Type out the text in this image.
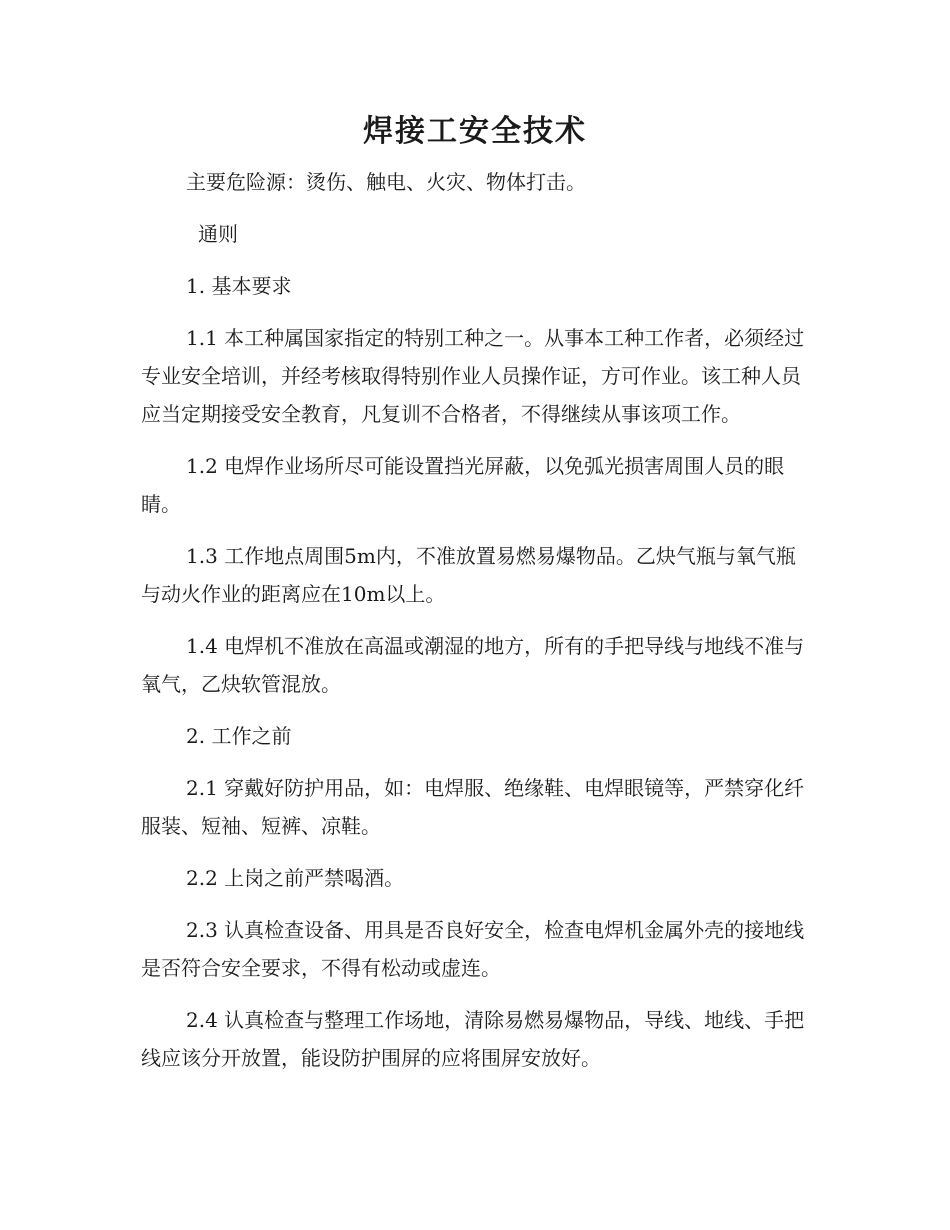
焊接工安全技术

主要危险源：烫伤、触电、火灾、物体打击。

通则

1. 基本要求

1.1 本工种属国家指定的特别工种之一。从事本工种工作者，必须经过专业安全培训，并经考核取得特别作业人员操作证，方可作业。该工种人员应当定期接受安全教育，凡复训不合格者，不得继续从事该项工作。

1.2 电焊作业场所尽可能设置挡光屏蔽，以免弧光损害周围人员的眼睛。

1.3 工作地点周围5m内，不准放置易燃易爆物品。乙炔气瓶与氧气瓶与动火作业的距离应在10m以上。

1.4 电焊机不准放在高温或潮湿的地方，所有的手把导线与地线不准与氧气，乙炔软管混放。

2. 工作之前

2.1 穿戴好防护用品，如：电焊服、绝缘鞋、电焊眼镜等，严禁穿化纤服装、短袖、短裤、凉鞋。

2.2 上岗之前严禁喝酒。

2.3 认真检查设备、用具是否良好安全，检查电焊机金属外壳的接地线是否符合安全要求，不得有松动或虚连。

2.4 认真检查与整理工作场地，清除易燃易爆物品，导线、地线、手把线应该分开放置，能设防护围屏的应将围屏安放好。
